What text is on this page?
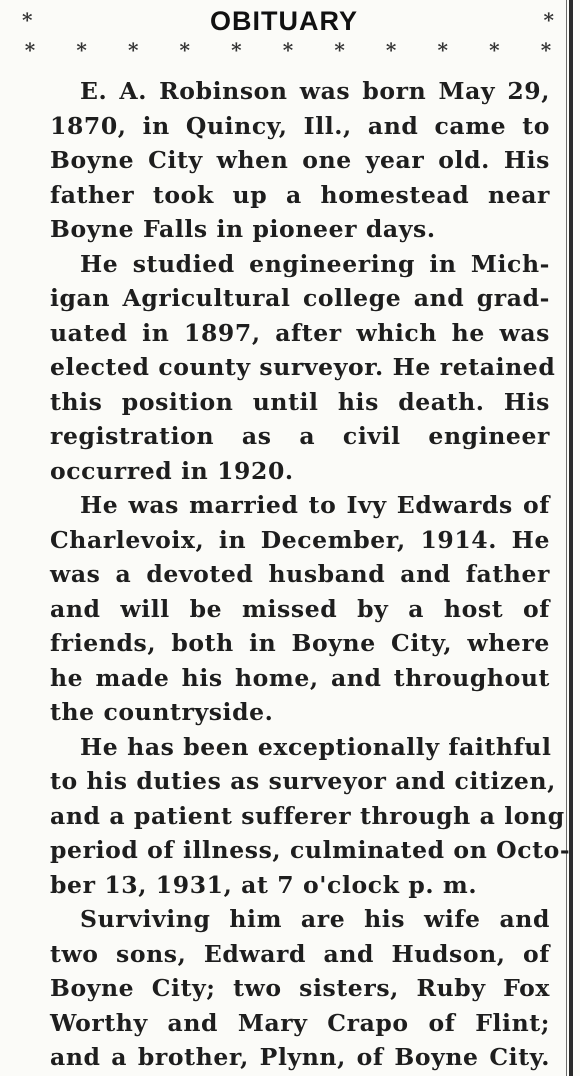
*	OBITUARY	*
* * * * * * * * * * *
E. A. Robinson was born May 29,
1870, in Quincy, Ill., and came to
Boyne City when one year old. His
father took up a homestead near
Boyne Falls in pioneer days.
He studied engineering in Mich-
igan Agricultural college and grad-
uated in 1897, after which he was
elected county surveyor. He retained
this position until his death. His
registration as a civil engineer
occurred in 1920.
He was married to Ivy Edwards of
Charlevoix, in December, 1914. He
was a devoted husband and father
and will be missed by a host of
friends, both in Boyne City, where
he made his home, and throughout
the countryside.
He has been exceptionally faithful
to his duties as surveyor and citizen,
and a patient sufferer through a long
period of illness, culminated on Octo-
ber 13, 1931, at 7 o'clock p. m.
Surviving him are his wife and
two sons, Edward and Hudson, of
Boyne City; two sisters, Ruby Fox
Worthy and Mary Crapo of Flint;
and a brother, Plynn, of Boyne City.
